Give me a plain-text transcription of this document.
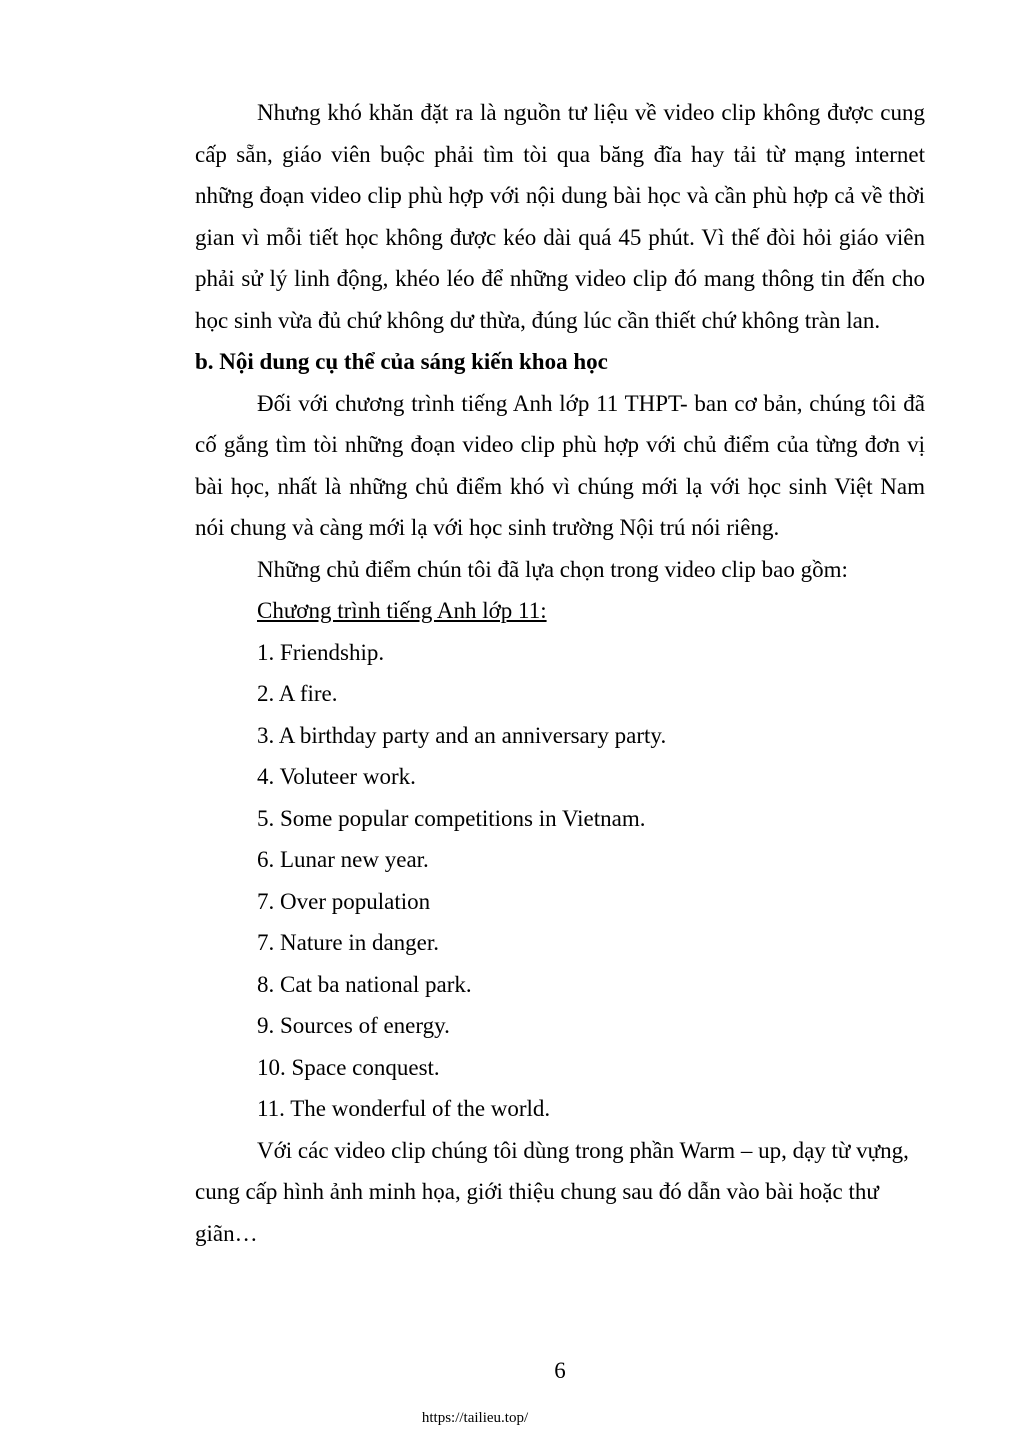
Nhưng khó khăn đặt ra là nguồn tư liệu về video clip không được cung cấp sẵn, giáo viên buộc phải tìm tòi qua băng đĩa hay tải từ mạng internet những đoạn video clip phù hợp với nội dung bài học và cần phù hợp cả về thời gian vì mỗi tiết học không được kéo dài quá 45 phút. Vì thế đòi hỏi giáo viên phải sử lý linh động, khéo léo để những video clip đó mang thông tin đến cho học sinh vừa đủ chứ không dư thừa, đúng lúc cần thiết chứ không tràn lan.

b. Nội dung cụ thể của sáng kiến khoa học

Đối với chương trình tiếng Anh lớp 11 THPT- ban cơ bản, chúng tôi đã cố gắng tìm tòi những đoạn video clip phù hợp với chủ điểm của từng đơn vị bài học, nhất là những chủ điểm khó vì chúng mới lạ với học sinh Việt Nam nói chung và càng mới lạ với học sinh trường Nội trú nói riêng.

Những chủ điểm chún tôi đã lựa chọn trong video clip bao gồm:

Chương trình tiếng Anh lớp 11:

1. Friendship.
2. A fire.
3. A birthday party and an anniversary party.
4. Voluteer work.
5. Some popular competitions in Vietnam.
6. Lunar new year.
7. Over population
7. Nature in danger.
8. Cat ba national park.
9. Sources of energy.
10. Space conquest.
11. The wonderful of the world.

Với các video clip chúng tôi dùng trong phần Warm – up, dạy từ vựng, cung cấp hình ảnh minh họa, giới thiệu chung sau đó dẫn vào bài hoặc thư giãn…

6
https://tailieu.top/
